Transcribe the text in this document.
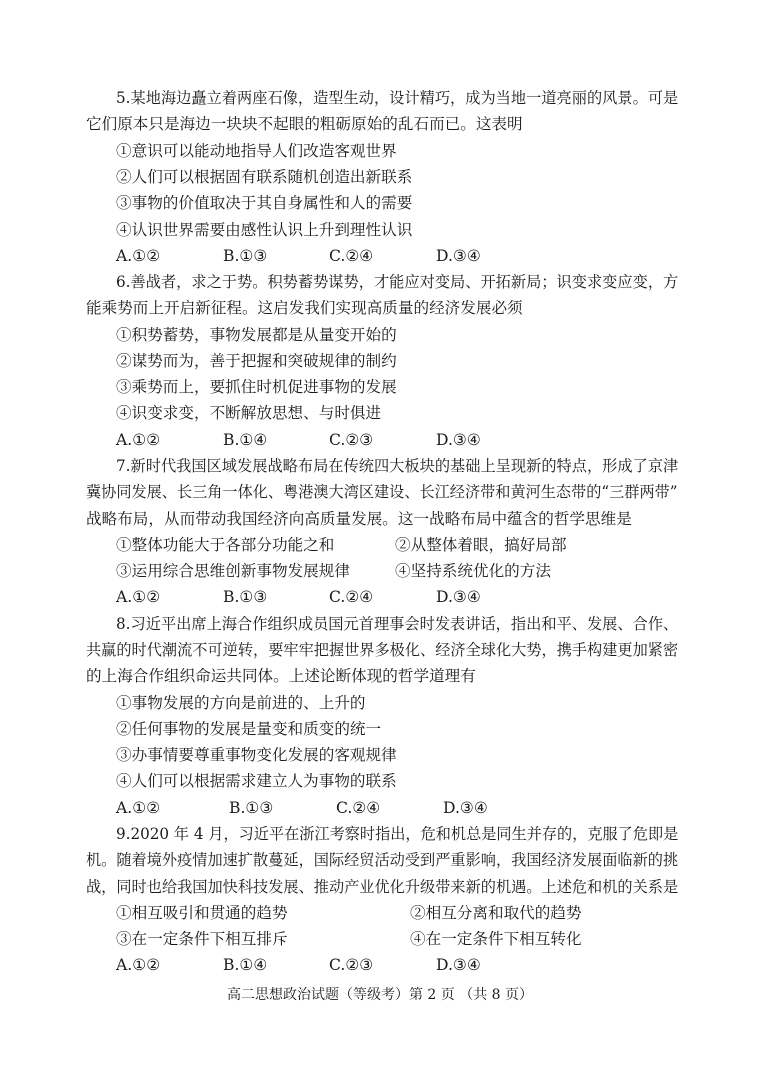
5.某地海边矗立着两座石像，造型生动，设计精巧，成为当地一道亮丽的风景。可是
它们原本只是海边一块块不起眼的粗砺原始的乱石而已。这表明
①意识可以能动地指导人们改造客观世界
②人们可以根据固有联系随机创造出新联系
③事物的价值取决于其自身属性和人的需要
④认识世界需要由感性认识上升到理性认识
A.①②	B.①③	C.②④	D.③④
6.善战者，求之于势。积势蓄势谋势，才能应对变局、开拓新局；识变求变应变，方
能乘势而上开启新征程。这启发我们实现高质量的经济发展必须
①积势蓄势，事物发展都是从量变开始的
②谋势而为，善于把握和突破规律的制约
③乘势而上，要抓住时机促进事物的发展
④识变求变，不断解放思想、与时俱进
A.①②	B.①④	C.②③	D.③④
7.新时代我国区域发展战略布局在传统四大板块的基础上呈现新的特点，形成了京津
冀协同发展、长三角一体化、粤港澳大湾区建设、长江经济带和黄河生态带的“三群两带”
战略布局，从而带动我国经济向高质量发展。这一战略布局中蕴含的哲学思维是
①整体功能大于各部分功能之和	②从整体着眼，搞好局部
③运用综合思维创新事物发展规律	④坚持系统优化的方法
A.①②	B.①③	C.②④	D.③④
8.习近平出席上海合作组织成员国元首理事会时发表讲话，指出和平、发展、合作、
共赢的时代潮流不可逆转，要牢牢把握世界多极化、经济全球化大势，携手构建更加紧密
的上海合作组织命运共同体。上述论断体现的哲学道理有
①事物发展的方向是前进的、上升的
②任何事物的发展是量变和质变的统一
③办事情要尊重事物变化发展的客观规律
④人们可以根据需求建立人为事物的联系
A.①②	B.①③	C.②④	D.③④
9.2020 年 4 月，习近平在浙江考察时指出，危和机总是同生并存的，克服了危即是
机。随着境外疫情加速扩散蔓延，国际经贸活动受到严重影响，我国经济发展面临新的挑
战，同时也给我国加快科技发展、推动产业优化升级带来新的机遇。上述危和机的关系是
①相互吸引和贯通的趋势	②相互分离和取代的趋势
③在一定条件下相互排斥	④在一定条件下相互转化
A.①②	B.①④	C.②③	D.③④
高二思想政治试题（等级考）第 2 页 （共 8 页）
